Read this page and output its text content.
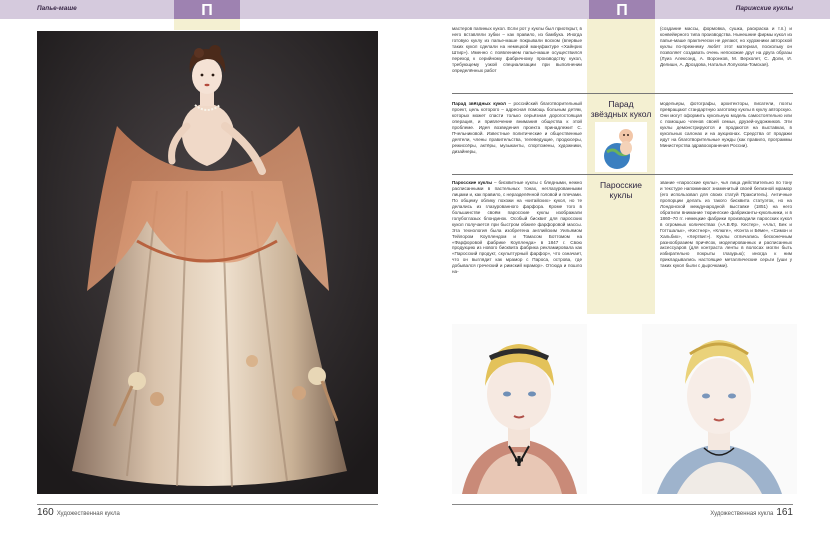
Папье-маше	П
160 Художественная кукла
Парижские куклы
П

мастеров папиных кукол. Если рот у куклы был приоткрыт, в него вставляли зубки – как правило, из бамбука. Иногда готовую куклу из папье-маше покрывали воском (впервые таких кукол сделали на немецкой мануфактуре «Хайнрих Штир»). Именно с появлением папье-маше осуществился переход к серийному фабричному производству кукол, требующему узкой специализации при выполнении определённых работ

(создание массы, формовка, сушка, раскраска и т.п.) и конвейерного типа производства. Нынешние фирмы кукол из папье-маше практически не делают, но художники авторской куклы по-прежнему любят этот материал, поскольку он позволяет создавать очень непохожие друг на друга образы (Луиз Алексонд, А. Воронков, М. Верхолет, С. Доли, И. Делишн, А. Дроздова, Наталья Лопухова-Томская).

Парад звёздных кукол

Парад звёздных кукол – российский благотворительный проект, цель которого – адресная помощь больным детям, которых может спасти только серьёзная дорогостоящая операция, и привлечение внимания общества к этой проблеме. Идея возведения проекта принадлежит С. Пчельниковой. Известные политические и общественные деятели, члены правительства, телеведущие, продюсеры, режиссёры, актёры, музыканты, спортсмены, художники, дизайнеры,

модельеры, фотографы, архитекторы, писатели, поэты превращают стандартную заготовку куклы в куклу авторскую. Они могут оформить кукольную модель самостоятельно или с помощью членов своей семьи, друзей-художников. Эти куклы демонстрируются и продаются на выставках, в кукольных салонах и на аукционах. Средства от продажи идут на благотворительные нужды (как правило, программы Министерства здравоохранения России).

Паросские куклы

Паросские куклы – бисквитные куклы с бледными, нежно расписанными в пастельных тонах, неглазурованными лицами и, как правило, с неразделённой головой и плечами. По общему облику похожи на «китайских» кукол, но те делались из глазурованного фарфора. Кроме того в большинстве своём паросские куклы изображали голубоглазых блондинок. Особый бисквит для паросских кукол получается при быстром обжиге фарфоровой массы. Эта технология была изобретена английским Уильямом Тейлором Коуплендом и Томасом Боттомом на «Фарфоровой фабрике Коупленда» в 1847 г. Свою продукцию из нового бисквита фабрика рекламировала как «Паросский продукт, скульптурный фарфор», что означает, что он выглядит как мрамор с Пароса, острова, где добывался греческий и римский мрамор». Отсюда и пошло на-

звание «паросские куклы», чья лица действительно по тону и текстуре напоминают знаменитый своей белизной мрамор (его использовал для своих статуй Пракситель). Античные пропорции делать из такого бисквита статуэток, но на Лондонской международной выставке (1851) на него обратили внимание тюрингские фабриканты-кукольники, и в 1860–70 гг. немецкие фабрики производили паросских кукол в огромных количествах («А.В.Фр. Кестер», «Альт, Бек и Готтшальк», «Кестнер», «Клюге», «Конта и Бёме», «Симон и Хальбих», «Хертвиг»). Куклы отличались бесконечным разнообразием причёсок, моделированных и расписанных аксессуаров (для контраста ленты в волосах могли быть избирательно покрыты глазурью); иногда к ним прикладывались настоящие металлические серьги (уши у таких кукол были с дырочками).

Художественная кукла 161
